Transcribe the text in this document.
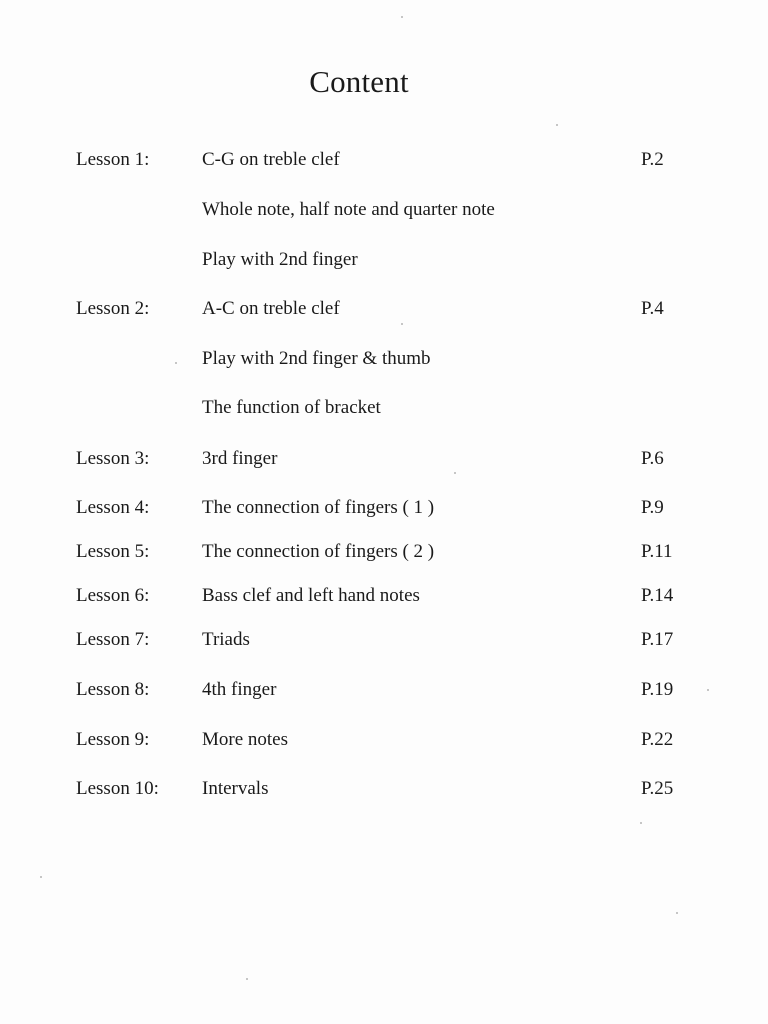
Content
Lesson 1:	C-G on treble clef	P.2
Whole note, half note and quarter note
Play with 2nd finger
Lesson 2:	A-C on treble clef	P.4
Play with 2nd finger & thumb
The function of bracket
Lesson 3:	3rd finger	P.6
Lesson 4:	The connection of fingers ( 1 )	P.9
Lesson 5:	The connection of fingers ( 2 )	P.11
Lesson 6:	Bass clef and left hand notes	P.14
Lesson 7:	Triads	P.17
Lesson 8:	4th finger	P.19
Lesson 9:	More notes	P.22
Lesson 10: Intervals	P.25
